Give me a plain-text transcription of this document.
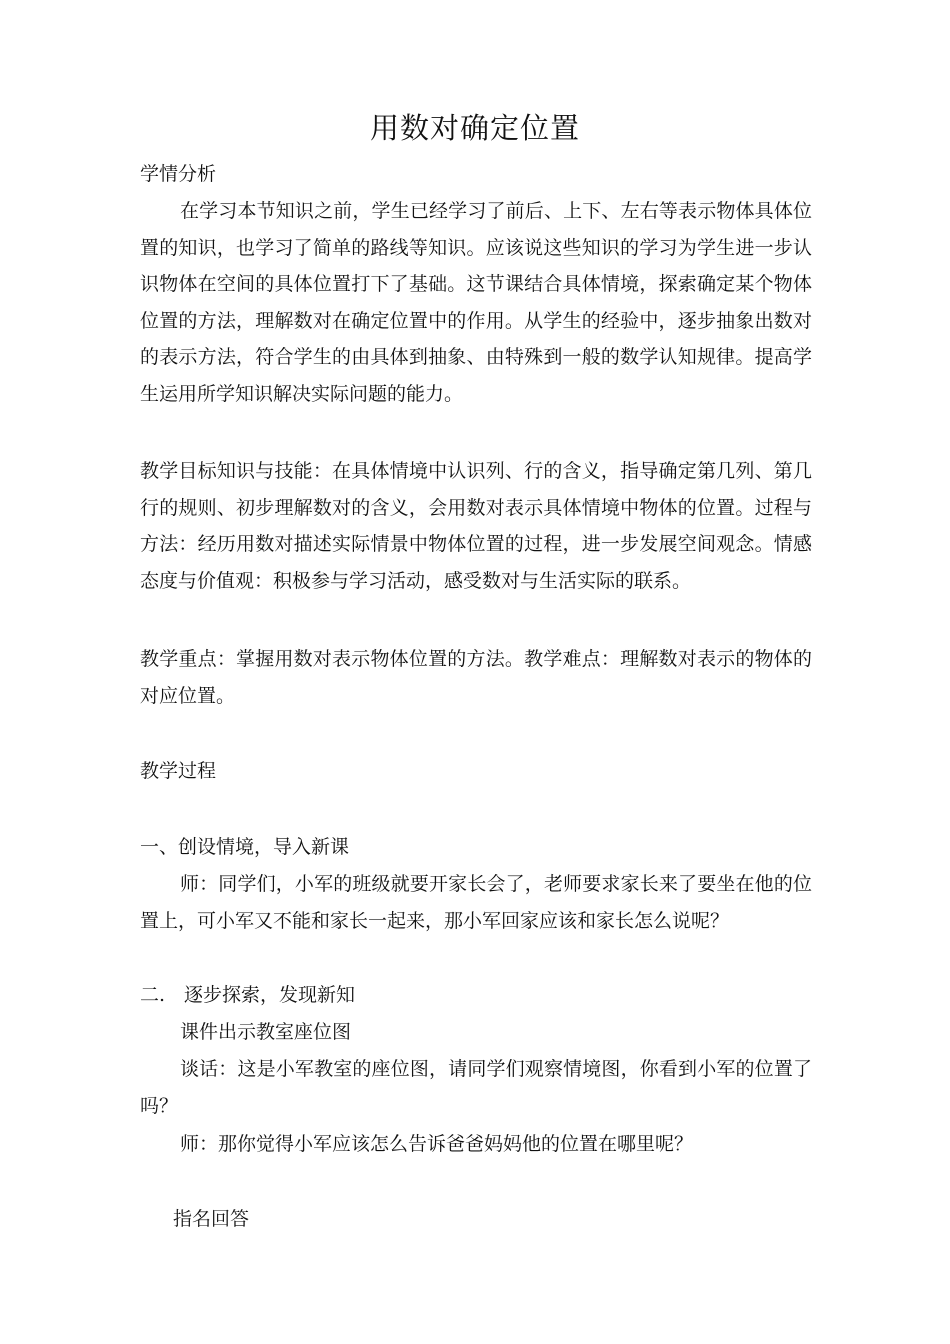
用数对确定位置
学情分析
在学习本节知识之前，学生已经学习了前后、上下、左右等表示物体具体位置的知识，也学习了简单的路线等知识。应该说这些知识的学习为学生进一步认识物体在空间的具体位置打下了基础。这节课结合具体情境，探索确定某个物体位置的方法，理解数对在确定位置中的作用。从学生的经验中，逐步抽象出数对的表示方法，符合学生的由具体到抽象、由特殊到一般的数学认知规律。提高学生运用所学知识解决实际问题的能力。
教学目标知识与技能：在具体情境中认识列、行的含义，指导确定第几列、第几行的规则、初步理解数对的含义，会用数对表示具体情境中物体的位置。过程与方法：经历用数对描述实际情景中物体位置的过程，进一步发展空间观念。情感态度与价值观：积极参与学习活动，感受数对与生活实际的联系。
教学重点：掌握用数对表示物体位置的方法。教学难点：理解数对表示的物体的对应位置。
教学过程
一、创设情境，导入新课
师：同学们，小军的班级就要开家长会了，老师要求家长来了要坐在他的位置上，可小军又不能和家长一起来，那小军回家应该和家长怎么说呢？
二.　逐步探索，发现新知
课件出示教室座位图
谈话：这是小军教室的座位图，请同学们观察情境图，你看到小军的位置了吗？
师：那你觉得小军应该怎么告诉爸爸妈妈他的位置在哪里呢？
指名回答
